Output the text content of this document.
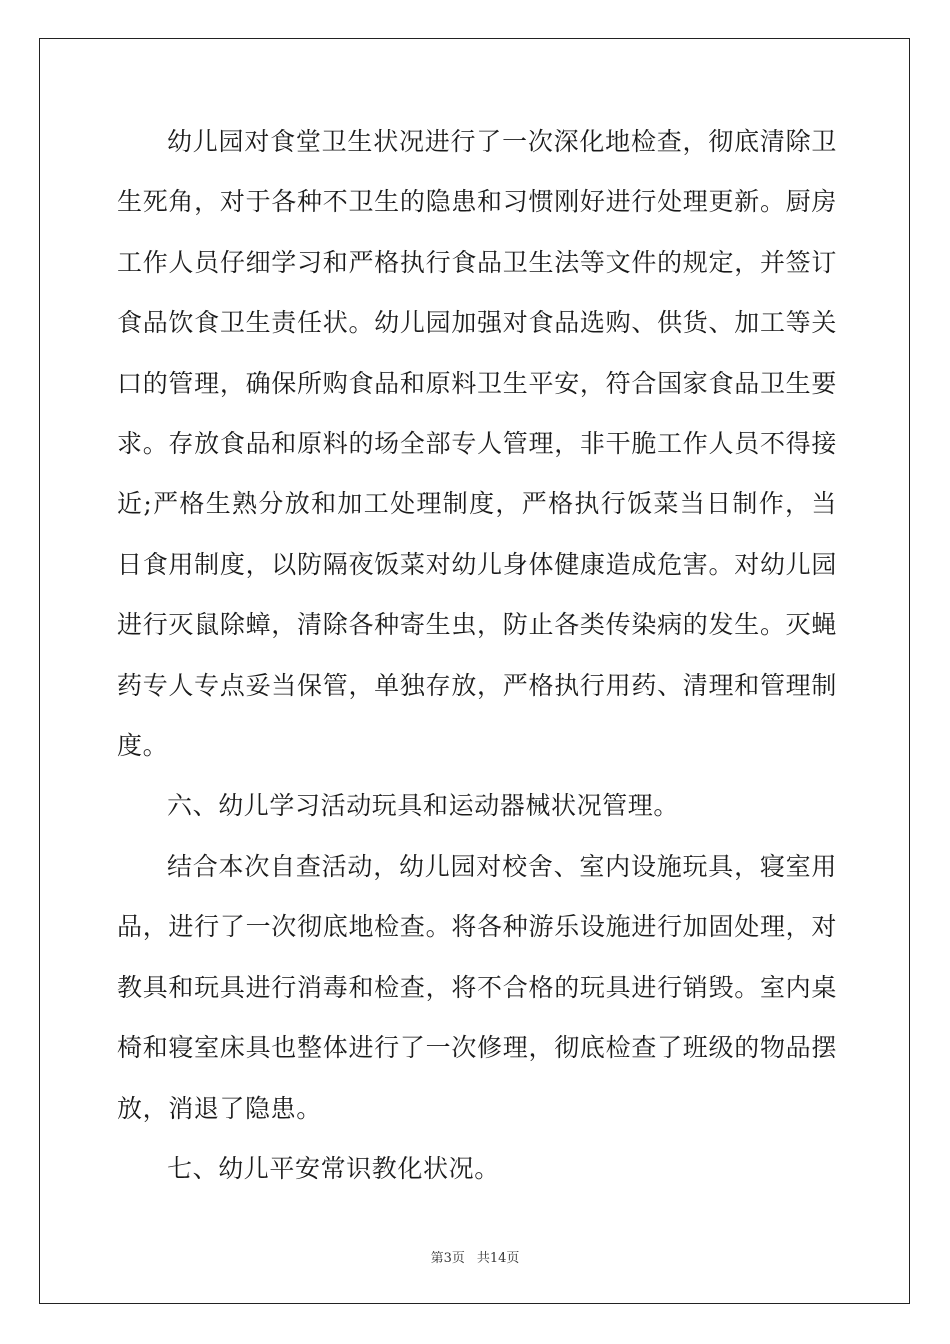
幼儿园对食堂卫生状况进行了一次深化地检查，彻底清除卫生死角，对于各种不卫生的隐患和习惯刚好进行处理更新。厨房工作人员仔细学习和严格执行食品卫生法等文件的规定，并签订食品饮食卫生责任状。幼儿园加强对食品选购、供货、加工等关口的管理，确保所购食品和原料卫生平安，符合国家食品卫生要求。存放食品和原料的场全部专人管理，非干脆工作人员不得接近;严格生熟分放和加工处理制度，严格执行饭菜当日制作，当日食用制度，以防隔夜饭菜对幼儿身体健康造成危害。对幼儿园进行灭鼠除蟑，清除各种寄生虫，防止各类传染病的发生。灭蝇药专人专点妥当保管，单独存放，严格执行用药、清理和管理制度。

六、幼儿学习活动玩具和运动器械状况管理。

结合本次自查活动，幼儿园对校舍、室内设施玩具，寝室用品，进行了一次彻底地检查。将各种游乐设施进行加固处理，对教具和玩具进行消毒和检查，将不合格的玩具进行销毁。室内桌椅和寝室床具也整体进行了一次修理，彻底检查了班级的物品摆放，消退了隐患。

七、幼儿平安常识教化状况。

第3页 共14页
